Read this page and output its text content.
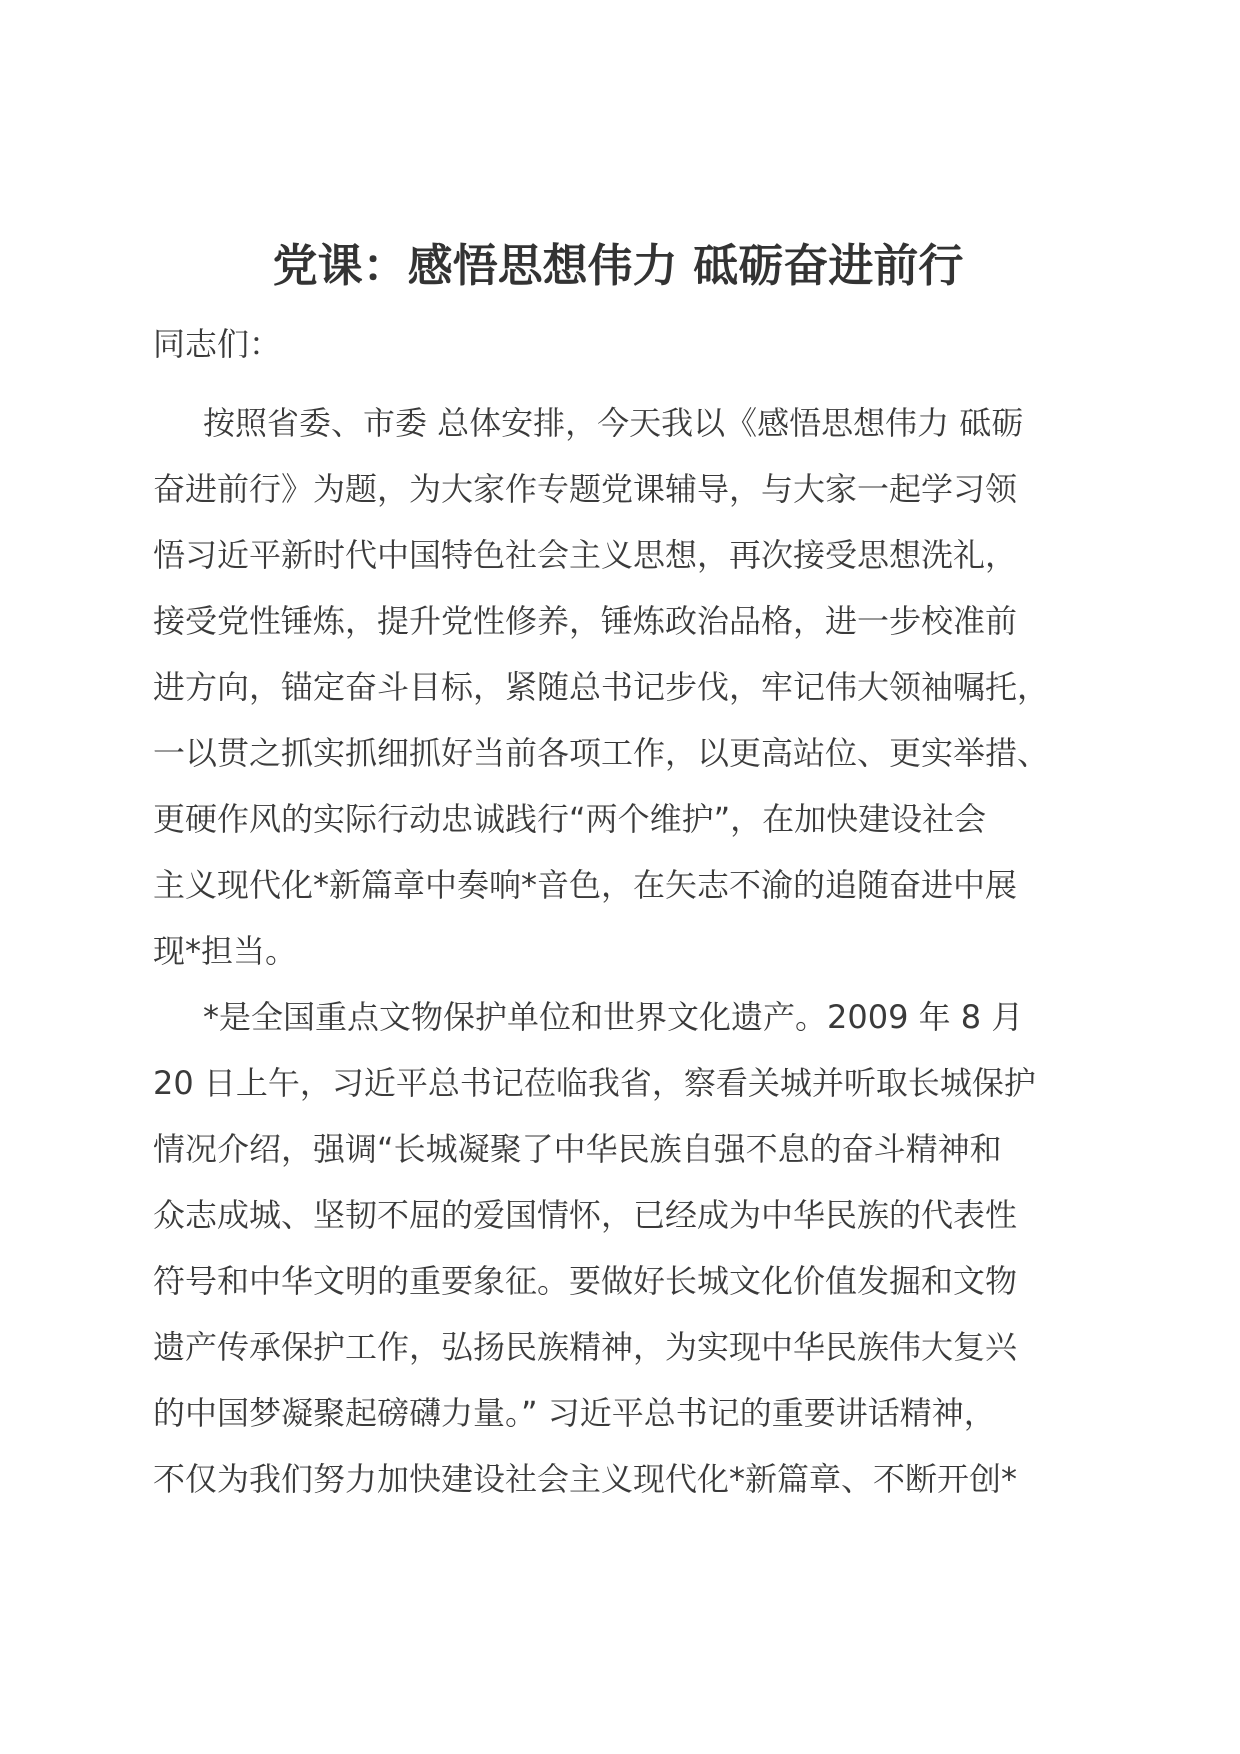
党课：感悟思想伟力 砥砺奋进前行

同志们：

按照省委、市委 总体安排，今天我以《感悟思想伟力 砥砺
奋进前行》为题，为大家作专题党课辅导，与大家一起学习领
悟习近平新时代中国特色社会主义思想，再次接受思想洗礼，
接受党性锤炼，提升党性修养，锤炼政治品格，进一步校准前
进方向，锚定奋斗目标，紧随总书记步伐，牢记伟大领袖嘱托，
一以贯之抓实抓细抓好当前各项工作，以更高站位、更实举措、
更硬作风的实际行动忠诚践行“两个维护”，在加快建设社会
主义现代化*新篇章中奏响*音色，在矢志不渝的追随奋进中展
现*担当。
*是全国重点文物保护单位和世界文化遗产。2009 年 8 月
20 日上午，习近平总书记莅临我省，察看关城并听取长城保护
情况介绍，强调“长城凝聚了中华民族自强不息的奋斗精神和
众志成城、坚韧不屈的爱国情怀，已经成为中华民族的代表性
符号和中华文明的重要象征。要做好长城文化价值发掘和文物
遗产传承保护工作，弘扬民族精神，为实现中华民族伟大复兴
的中国梦凝聚起磅礴力量。” 习近平总书记的重要讲话精神，
不仅为我们努力加快建设社会主义现代化*新篇章、不断开创*
